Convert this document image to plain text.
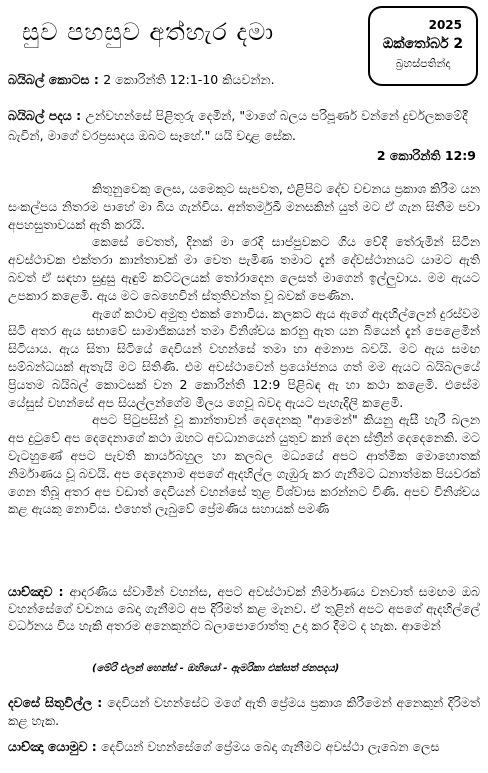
සුව පහසුව අත්හැර දමා	2025
ඔක්තෝබර් 2
බ්‍රහස්පතින්දා
බයිබල් කොටස : 2 කොරින්ති 12:1-10 කියවන්න.
බයිබල් පදය : උන්වහන්සේ පිළිතුරු දෙමින්, "මාගේ බලය පරිපූර්ණ වන්නේ දුර්වලකමේදී බැවින්, මාගේ වරප්‍රසාදය ඔබට සෑහේ." යයි වදාළ සේක.
2 කොරින්ති 12:9

කිතුනුවෙකු ලෙස, යමෙකුට සැපවත, එළිපිට දේව වචනය ප්‍රකාශ කිරීම යන සංකල්පය නිතරම පාහේ මා බිය ගැන්විය. අන්තර්මුඛී මනසකින් යුත් මට ඒ ගැන සිතීම පවා අපහසුතාවයක් ඇති කරයි.

කෙසේ වෙතත්, දිනක් මා රෙදි සාප්පුවකට ගිය වේදී තේරුමින් සිටින අවස්ථාවක එක්තරා කාන්තාවක් මා වෙත පැමිණ තමාට දැන් දේවස්ථානයට යාමට ඇති බවත් ඒ සඳහා සුදුසු ඇඳුම් කට්ටලයක් තෝරාදෙන ලෙසත් මාගෙන් ඉල්ලුවාය. මම ඇයට උපකාර කළෙමි. ඇය මට බෙහෙවින් ස්තුතිවන්ත වූ බවක් පෙණින.

ඇගේ කථාව අමුතු එකක් නොවිය. කලකට ඇය ඇගේ ඇදහිල්ලෙන් දුරස්වම සිටි අතර ඇය සභාවේ සාමාජිකයන් තමා විනිශ්චය කරනු ඇත යන බියෙන් දැන් පෙළෙමින් සිටියාය. ඇය සිතා සිටියේ දෙවියන් වහන්සේ තමා හා අමනාප බවයි. මට ඇය සමඟ සම්බන්ධයක් ඇතැයි මට සිතිණි. එම අවස්ථාවෙන් ප්‍රයෝජනය ගත් මම ඇයට බයිබලයේ ප්‍රියතම බයිබල් කොටසක් වන 2 කොරින්ති 12:9 පිළිබඳ ඇ හා කථා කළෙමි. එසේම යේසුස් වහන්සේ අප සියල්ලන්ගේම මිලය ගෙවූ බවද ඇයට පැහැදිලි කළෙමි.

අපට පිටුපසින් වූ කාන්තාවන් දෙදෙනකු "ආමෙන්" කියනු ඇසී හැරී බලන අප දුටුවේ අප දෙදෙනාගේ කථා ඔහට අවධානයෙන් යුතුව කන් දෙන ස්ත්‍රීන් දෙදෙනෙකි. මට වැටහුණේ අපට පැවති කාර්යබහුල හා කලබල මධ්‍යයේ අපට ආත්මික මොහොතක් නිර්මාණය වූ බවයි. අප දෙදෙනාම අපගේ ඇදහිල්ල ගැඹුරු කර ගැනීමට ධනාත්මක පියවරක් ගෙන තිබූ අතර අප වඩාත් දෙවියන් වහන්සේ තුළ විශ්වාස කරන්නට විණි. අපව විනිශ්චය කළ ඇයකු නොවිය. එහෙත් ලැබුවේ ප්‍රේමණිය සහායක් පමණි

යාච්ඤාව : ආදරණීය ස්වාමීන් වහන්ස, අපට අවස්ථාවක් නිර්මාණය වනවාත් සමඟම ඔබ වහන්සේගේ වචනය බෙදා ගැනීමට අප දිරිමත් කළ මැනව. ඒ තුළින් අපට අපගේ ඇදහිල්ලේ වර්ධනය විය හැකි අතරම අනෙකුන්ට බලාපොරොත්තු උදා කර දීමට ද හැක. ආමෙන්
(මේරි එලන් හෙන්ස් - ඔහියෝ - ඇමරිකා එක්සත් ජනපදය)
දවසේ සිතුවිල්ල : දෙවියන් වහන්සේට මගේ ඇති ප්‍රේමය ප්‍රකාශ කිරීමෙන් අනෙකුන් දිරිමත් කළ හැක.
යාච්ඤා යොමුව : දෙවියන් වහන්සේගේ ප්‍රේමය බෙදා ගැනීමට අවස්ථා ලැබෙන ලෙස
